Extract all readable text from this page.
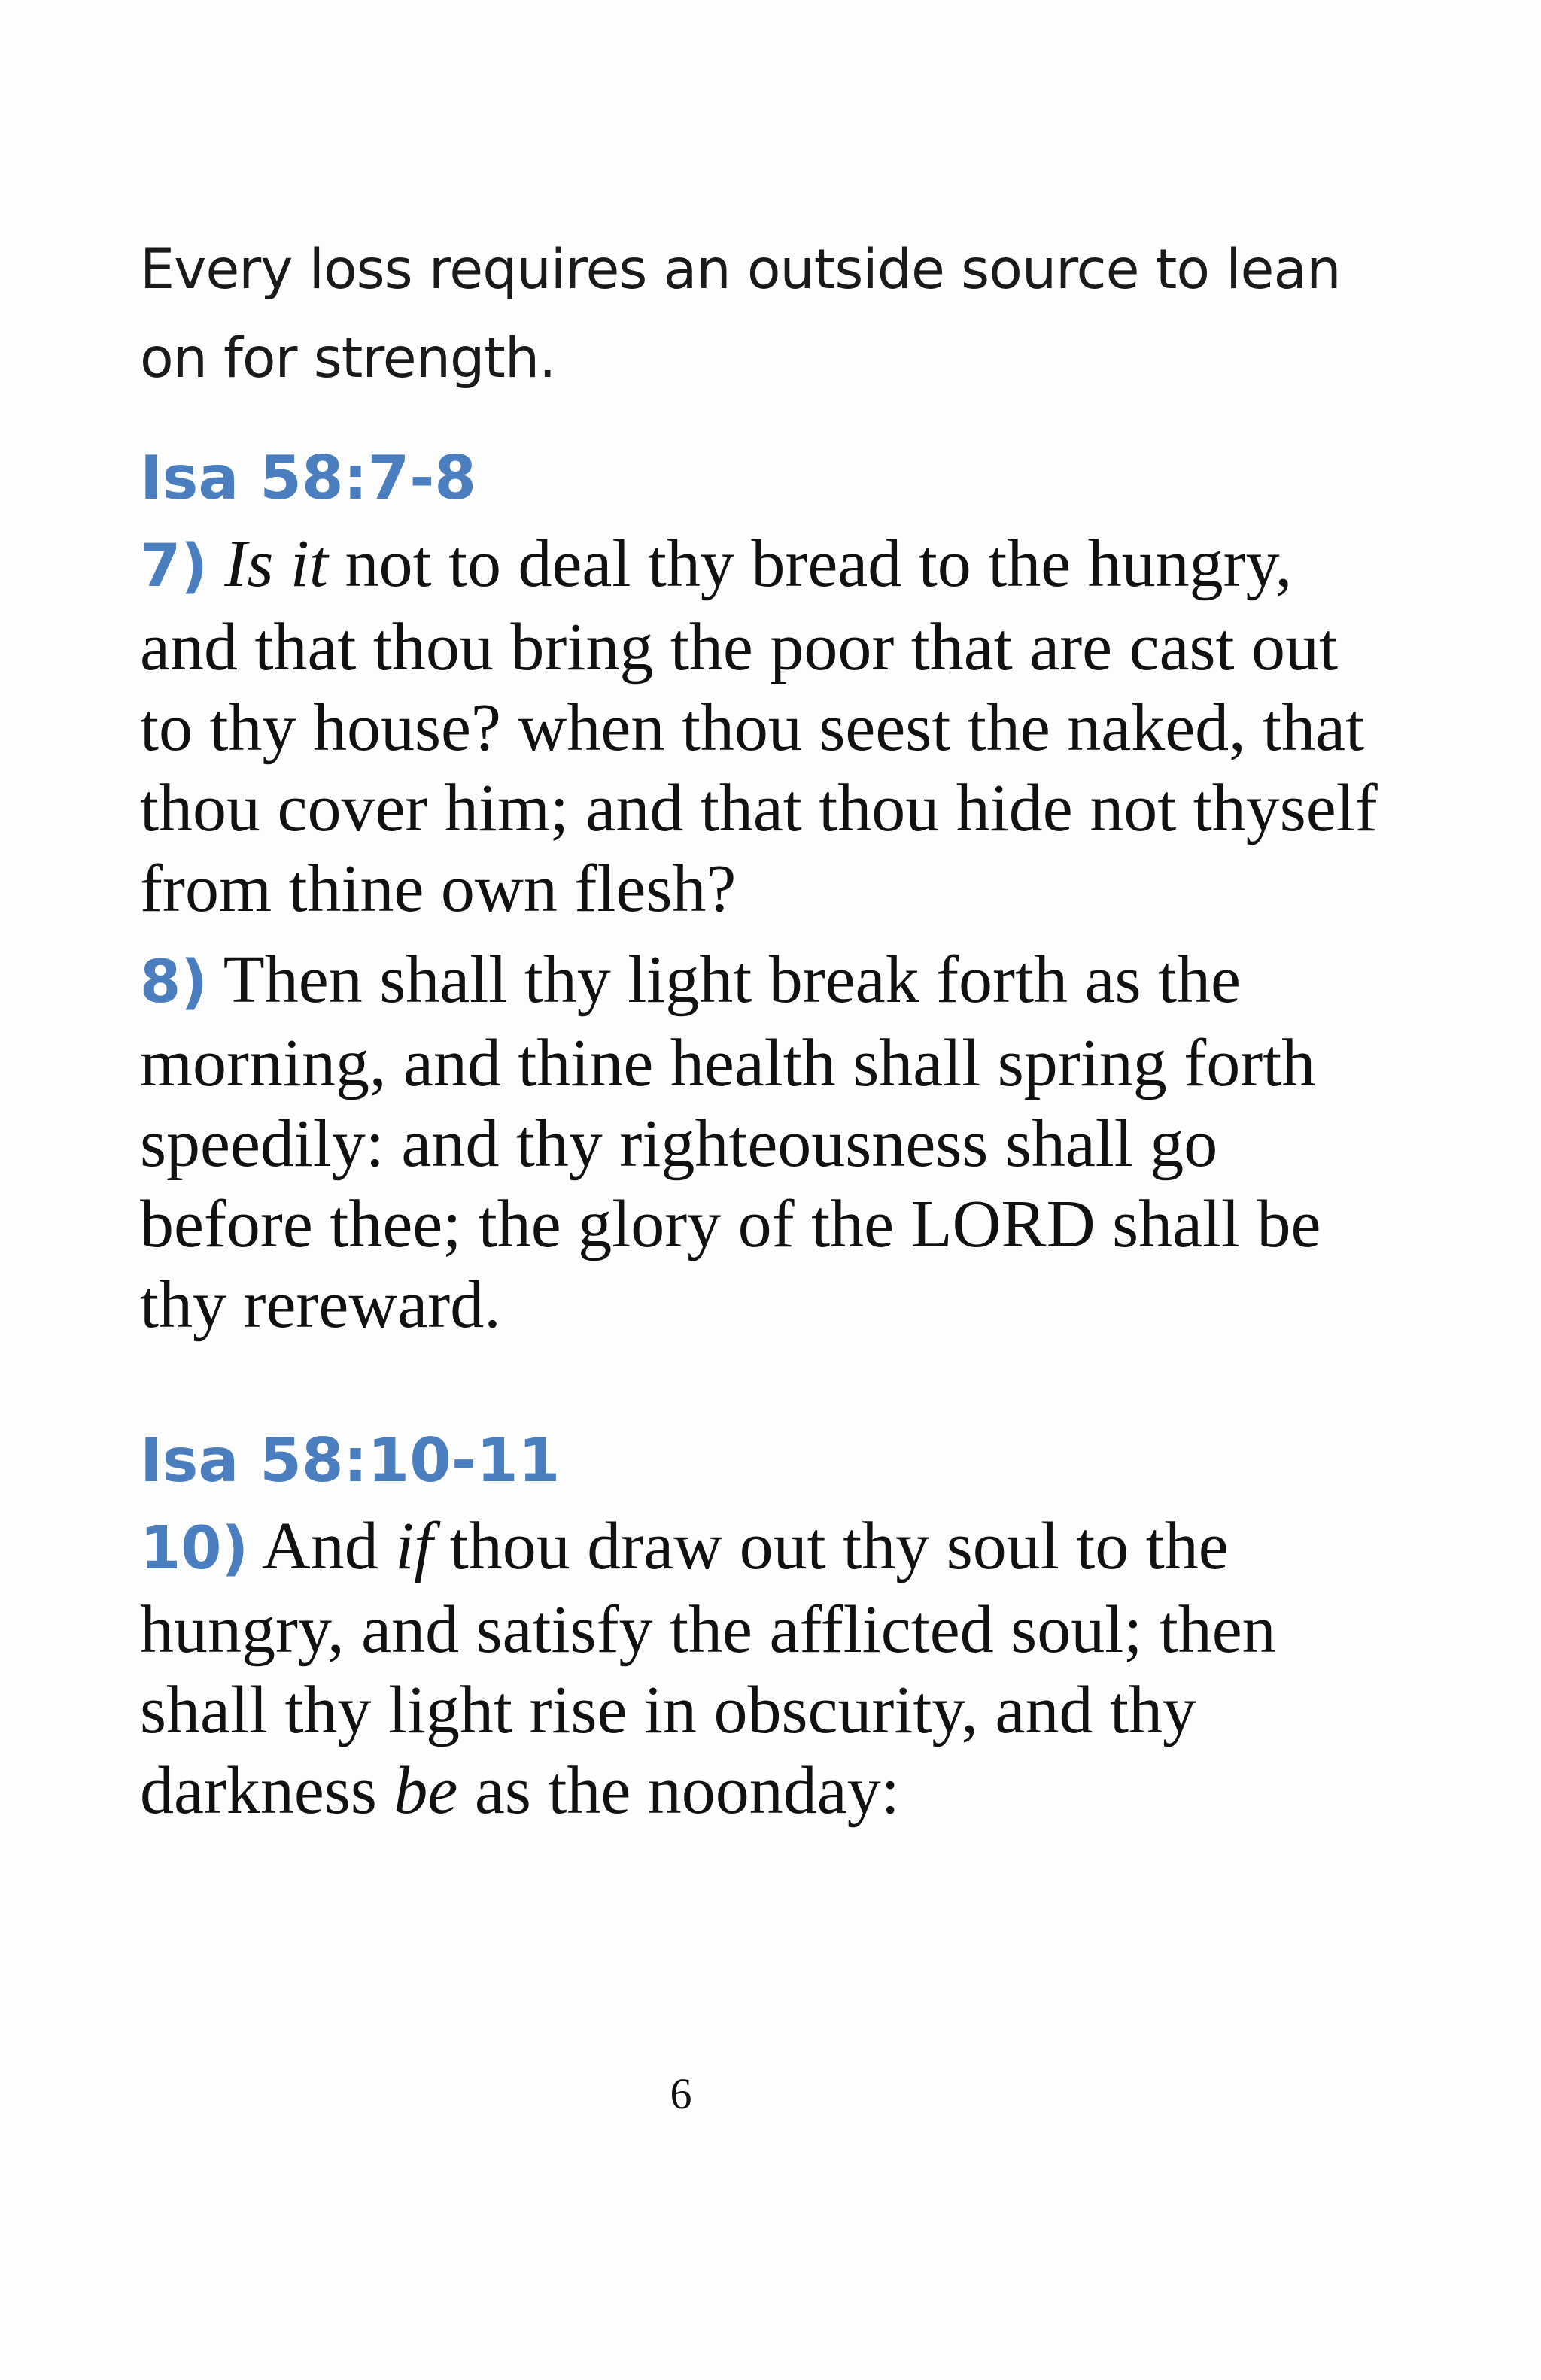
Every loss requires an outside source to lean on for strength.

Isa 58:7-8

7) Is it not to deal thy bread to the hungry, and that thou bring the poor that are cast out to thy house? when thou seest the naked, that thou cover him; and that thou hide not thyself from thine own flesh?

8) Then shall thy light break forth as the morning, and thine health shall spring forth speedily: and thy righteousness shall go before thee; the glory of the LORD shall be thy rereward.

Isa 58:10-11

10) And if thou draw out thy soul to the hungry, and satisfy the afflicted soul; then shall thy light rise in obscurity, and thy darkness be as the noonday:

6
